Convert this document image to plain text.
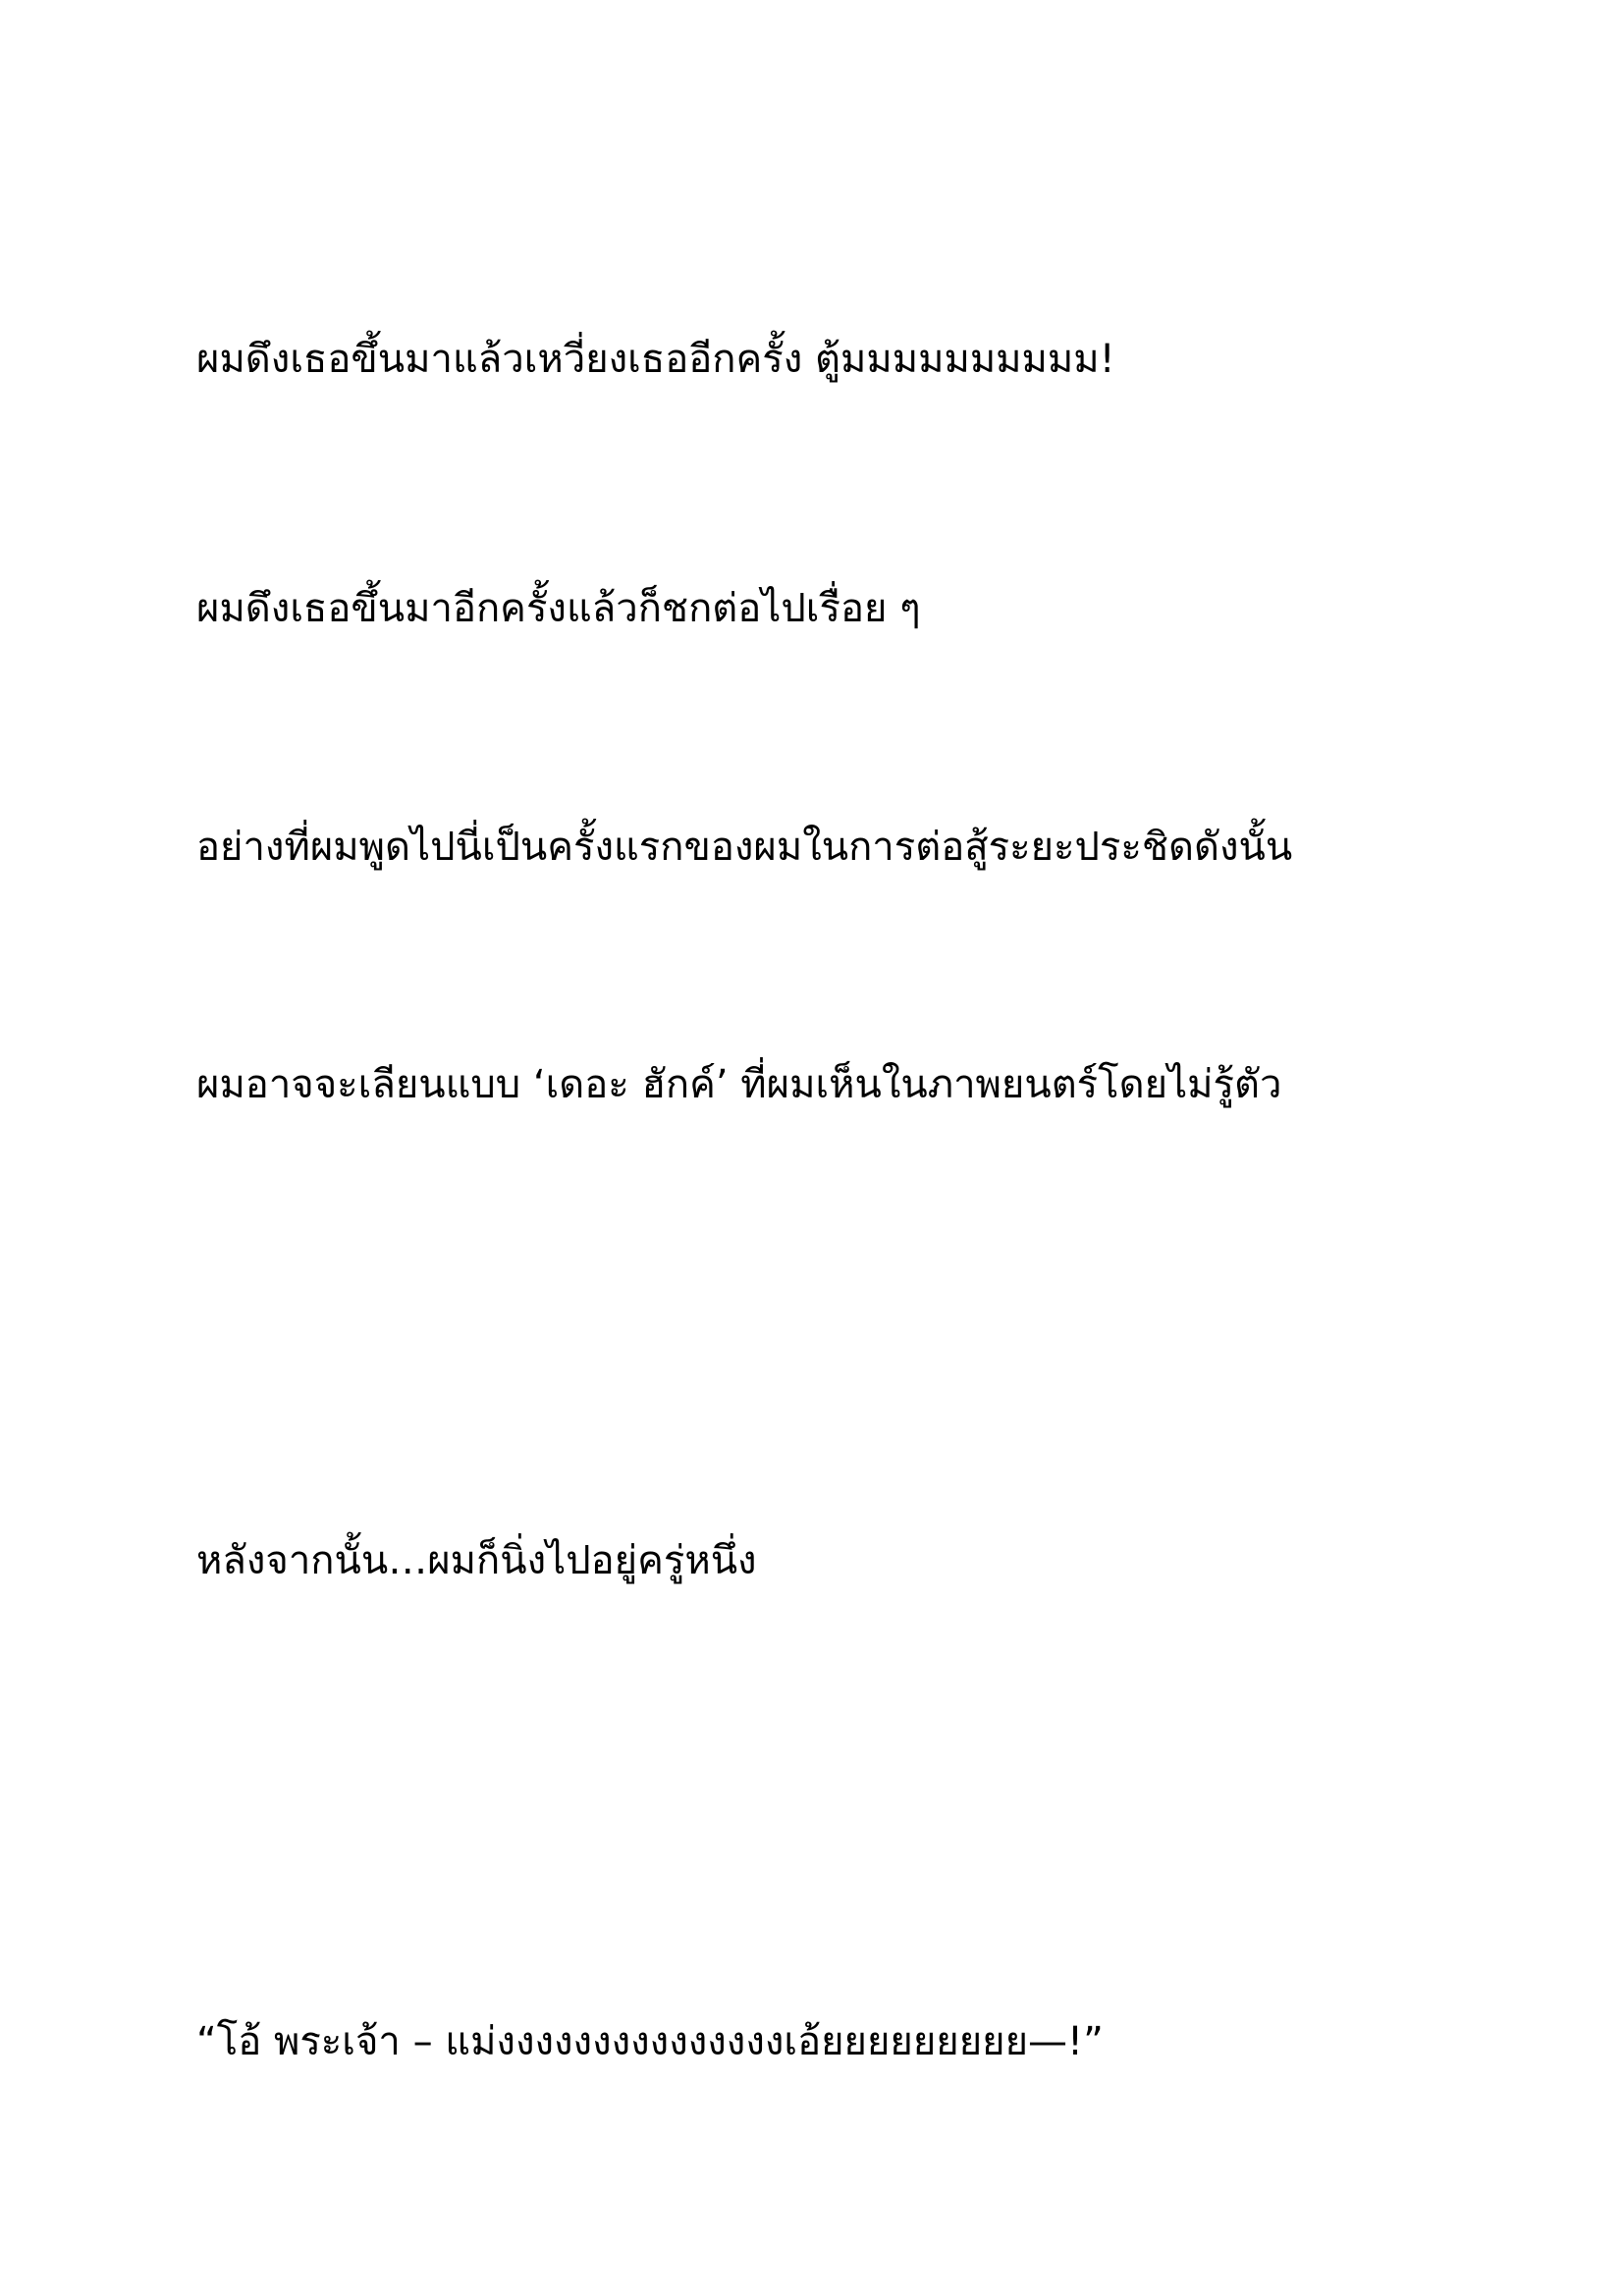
ผมดึงเธอขึ้นมาแล้วเหวี่ยงเธออีกครั้ง ตู้มมมมมมมมมม!

ผมดึงเธอขึ้นมาอีกครั้งแล้วก็ชกต่อไปเรื่อย ๆ

อย่างที่ผมพูดไปนี่เป็นครั้งแรกของผมในการต่อสู้ระยะประชิดดังนั้น

ผมอาจจะเลียนแบบ ‘เดอะ ฮักค์’ ที่ผมเห็นในภาพยนตร์โดยไม่รู้ตัว

หลังจากนั้น…ผมก็นิ่งไปอยู่ครู่หนึ่ง

“โอ้ พระเจ้า – แม่งงงงงงงงงงงงงงงเอ้ยยยยยยยยย—!”
